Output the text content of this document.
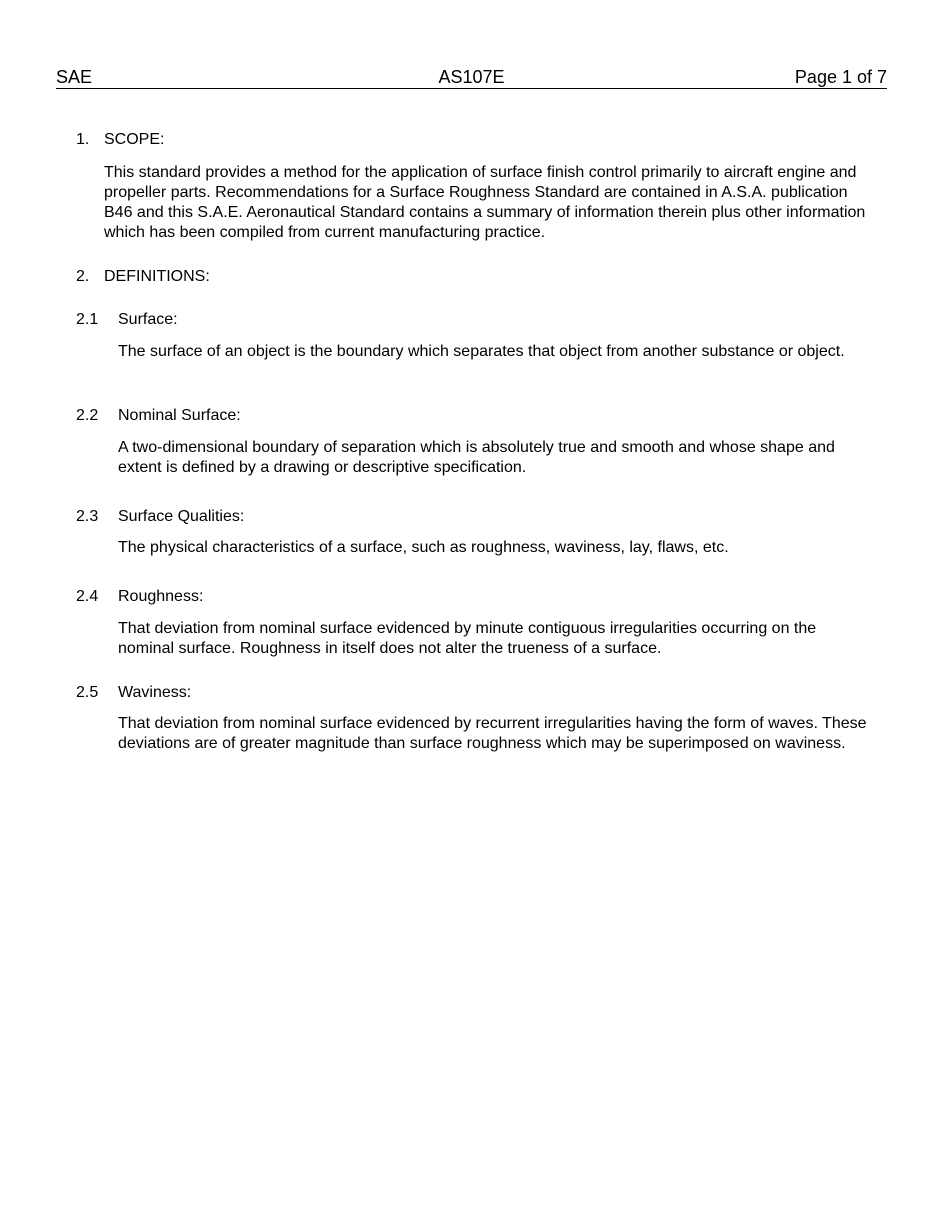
SAE	AS107E	Page 1 of 7
1. SCOPE:
This standard provides a method for the application of surface finish control primarily to aircraft engine and propeller parts. Recommendations for a Surface Roughness Standard are contained in A.S.A. publication B46 and this S.A.E. Aeronautical Standard contains a summary of information therein plus other information which has been compiled from current manufacturing practice.
2. DEFINITIONS:
2.1 Surface:
The surface of an object is the boundary which separates that object from another substance or object.
2.2 Nominal Surface:
A two-dimensional boundary of separation which is absolutely true and smooth and whose shape and extent is defined by a drawing or descriptive specification.
2.3 Surface Qualities:
The physical characteristics of a surface, such as roughness, waviness, lay, flaws, etc.
2.4 Roughness:
That deviation from nominal surface evidenced by minute contiguous irregularities occurring on the nominal surface. Roughness in itself does not alter the trueness of a surface.
2.5 Waviness:
That deviation from nominal surface evidenced by recurrent irregularities having the form of waves. These deviations are of greater magnitude than surface roughness which may be superimposed on waviness.
